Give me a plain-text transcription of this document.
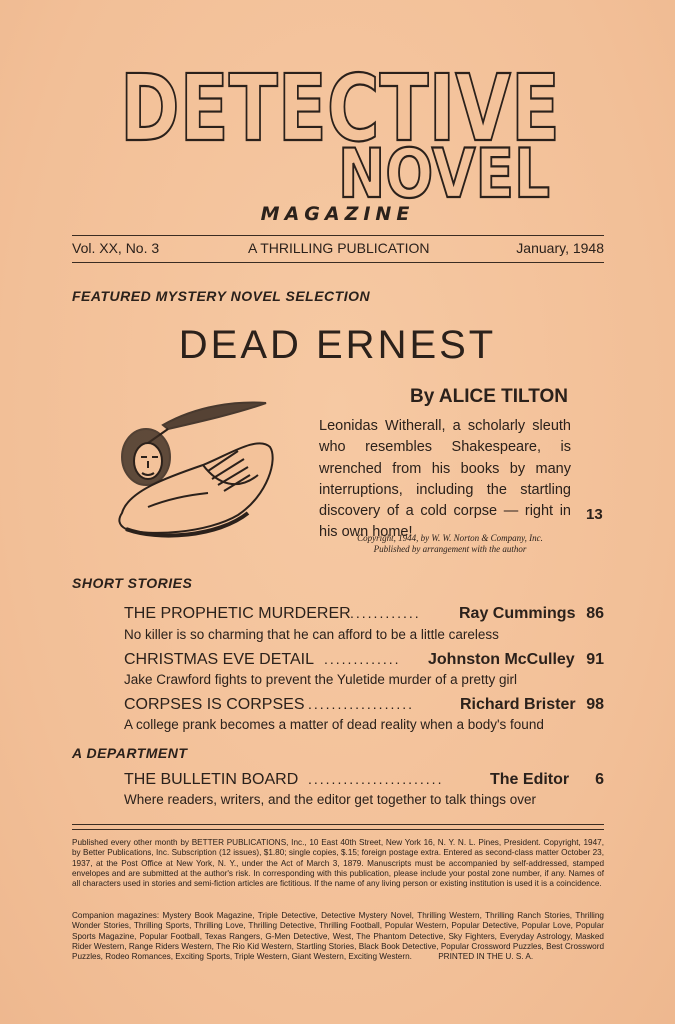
DETECTIVE
NOVEL
MAGAZINE
Vol. XX, No. 3	A THRILLING PUBLICATION	January, 1948
FEATURED MYSTERY NOVEL SELECTION
DEAD ERNEST
By ALICE TILTON
Leonidas Witherall, a scholarly sleuth who resembles Shakespeare, is wrenched from his books by many interruptions, including the startling discovery of a cold corpse — right in his own home!
13
Copyright, 1944, by W. W. Norton & Company, Inc.
Published by arrangement with the author
SHORT STORIES
THE PROPHETIC MURDERER ............	Ray Cummings 86
No killer is so charming that he can afford to be a little careless
CHRISTMAS EVE DETAIL .............	Johnston McCulley 91
Jake Crawford fights to prevent the Yuletide murder of a pretty girl
CORPSES IS CORPSES ..................	Richard Brister 98
A college prank becomes a matter of dead reality when a body's found
A DEPARTMENT
THE BULLETIN BOARD .......................	The Editor 6
Where readers, writers, and the editor get together to talk things over
Published every other month by BETTER PUBLICATIONS, Inc., 10 East 40th Street, New York 16, N. Y. N. L. Pines, President. Copyright, 1947, by Better Publications, Inc. Subscription (12 issues), $1.80; single copies, $.15; foreign postage extra. Entered as second-class matter October 23, 1937, at the Post Office at New York, N. Y., under the Act of March 3, 1879. Manuscripts must be accompanied by self-addressed, stamped envelopes and are submitted at the author's risk. In corresponding with this publication, please include your postal zone number, if any. Names of all characters used in stories and semi-fiction articles are fictitious. If the name of any living person or existing institution is used it is a coincidence.
Companion magazines: Mystery Book Magazine, Triple Detective, Detective Mystery Novel, Thrilling Western, Thrilling Ranch Stories, Thrilling Wonder Stories, Thrilling Sports, Thrilling Love, Thrilling Detective, Thrilling Football, Popular Western, Popular Detective, Popular Love, Popular Sports Magazine, Popular Football, Texas Rangers, G-Men Detective, West, The Phantom Detective, Sky Fighters, Everyday Astrology, Masked Rider Western, Range Riders Western, The Rio Kid Western, Startling Stories, Black Book Detective, Popular Crossword Puzzles, Best Crossword Puzzles, Rodeo Romances, Exciting Sports, Triple Western, Giant Western, Exciting Western.	PRINTED IN THE U. S. A.
